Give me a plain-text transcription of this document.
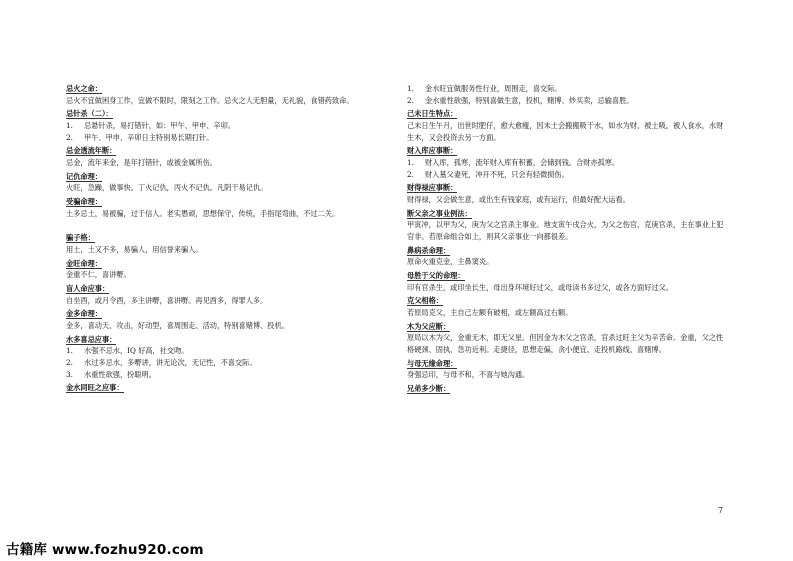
忌火之命：
忌火不宜做困身工作，宜做不限时，限刻之工作。忌火之人无胆量，无礼貌，食错药致命。
忌针杀（二）：
1. 忌悬针杀，易打错针，如：甲午、甲申、辛卯。
2. 甲午、甲申、辛卯日主特别易长期打针。
忌金透流年断：
忌金，流年来金，是年打错针，或被金属所伤。
记仇命理：
火旺，急躁，做事快。丁火记仇，丙火不记仇。凡阴干易记仇。
受骗命理：
土多忌土，易被骗，过于信人。老实愚顽，思想保守，传统，手指尾弯曲，不过二关。
骗子格：
用土，土又不多，易骗人，用信誉来骗人。
金旺命理：
金重不仁，喜讲嘢。
盲人命应事：
自坐酉，或月令酉，多主讲嘢，喜讲嘢。再见酉多，得罪人多。
金多命理：
金多，喜动天、攻击，好动型，喜周围走、活动，特别喜赌博、投机。
水多喜忌应事：
1. 水强不忌水，IQ 好高，社交吻。
2. 水过多忌水，多嘢讲，讲无论次，无记性，不喜交际。
3. 水重性欲强，扮聪明。
金水同旺之应事：
1. 金水旺宜做服务性行业，周围走，喜交际。
2. 金水重性欲强，特别喜做生意，投机，赌博、炒买卖，忌输喜胜。
己未日生特点：
己未日生午月，出世时肥仔，愈大愈瘦，因未土会搬搬吸干水，如水为财，被土吸，被人食水，水财生木，又会投资去另一方面。
财入库应事断：
1. 财入库，孤寒，流年财入库有积蓄，会储到钱。合财亦孤寒。
2. 财入墓父妻死，冲开不死，只会有轻微损伤。
财得禄应事断：
财得禄，父会做生意，或出生有钱家庭，或有运行，但最好配大运看。
断父亲之事业例法：
甲寅冲，以甲为父，庚为父之官杀主事业。地支寅午戌合火，为父之伤官，克庚官杀，主在事业上犯官非。若原命组合如上，则其父亲事业一向都很差。
鼻病杀命理：
原命火重克金，主鼻窦炎。
母胜于父的命理：
印有官杀生，或印坐长生，母出身环境好过父，或母读书多过父，或各方面好过父。
克父相格：
若原局克父，主自己左额有破相，或左额高过右额。
木为父应断：
原局以木为父，金重无木，即无父星。但因金为木父之官杀，官杀过旺主父为辛苦命。金重，父之性格硬颈、固执、急功近利。走捷径，思想走偏，贪小便宜、走投机路线、喜赌博。
与母无缘命理：
身强忌印，与母不和，不喜与她沟通。
兄弟多少断：
7
古籍库 www.fozhu920.com
